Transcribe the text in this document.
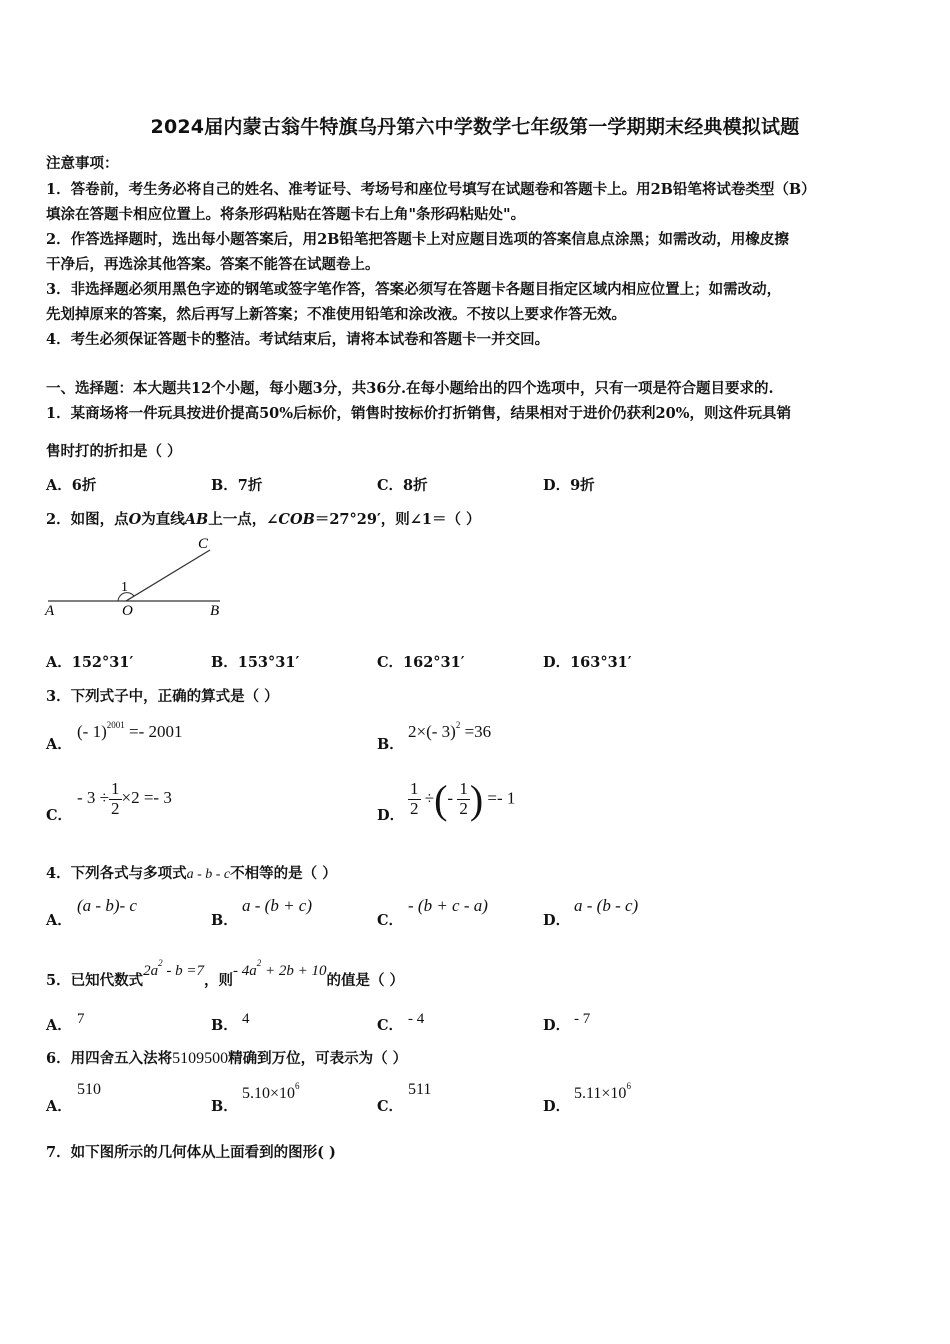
2024届内蒙古翁牛特旗乌丹第六中学数学七年级第一学期期末经典模拟试题
注意事项：
1．答卷前，考生务必将自己的姓名、准考证号、考场号和座位号填写在试题卷和答题卡上。用2B铅笔将试卷类型（B）
填涂在答题卡相应位置上。将条形码粘贴在答题卡右上角"条形码粘贴处"。
2．作答选择题时，选出每小题答案后，用2B铅笔把答题卡上对应题目选项的答案信息点涂黑；如需改动，用橡皮擦
干净后，再选涂其他答案。答案不能答在试题卷上。
3．非选择题必须用黑色字迹的钢笔或签字笔作答，答案必须写在答题卡各题目指定区域内相应位置上；如需改动，
先划掉原来的答案，然后再写上新答案；不准使用铅笔和涂改液。不按以上要求作答无效。
4．考生必须保证答题卡的整洁。考试结束后，请将本试卷和答题卡一并交回。
一、选择题：本大题共12个小题，每小题3分，共36分.在每小题给出的四个选项中，只有一项是符合题目要求的.
1．某商场将一件玩具按进价提高50%后标价，销售时按标价打折销售，结果相对于进价仍获利20%，则这件玩具销
售时打的折扣是（ ）
A．6折	B．7折	C．8折	D．9折
2．如图，点O为直线AB上一点，∠COB＝27°29′，则∠1＝（ ）
C
1
A	O	B
A．152°31′	B．153°31′	C．162°31′	D．163°31′
3．下列式子中，正确的算式是（ ）
A．
(- 1)$^{2001}$ =- 2001
B．
2×(- 3)$^2$ =36
C．
- $3 \div \frac{1}{2} \times 2 =- 3$
D． $\frac{1}{2}$ ÷(- $\frac{1}{2}$ ) =- 1
4．下列各式与多项式a - b - c不相等的是（ ）
A．
(a - b)- c
B．
a - (b + c)
C．
- (b + c - a)
D．
a - (b - c)
5．已知代数式$2a^2 - b =7$，则- $4a^2 + 2b + 10$的值是（ ）
A． 7	B． 4	C． - 4	D． - 7
6．用四舍五入法将5109500精确到万位，可表示为（ ）
A．
510
B．
$5.10\times 10^6$
C．
511
D．
$5.11\times 10^6$
7．如下图所示的几何体从上面看到的图形( )
